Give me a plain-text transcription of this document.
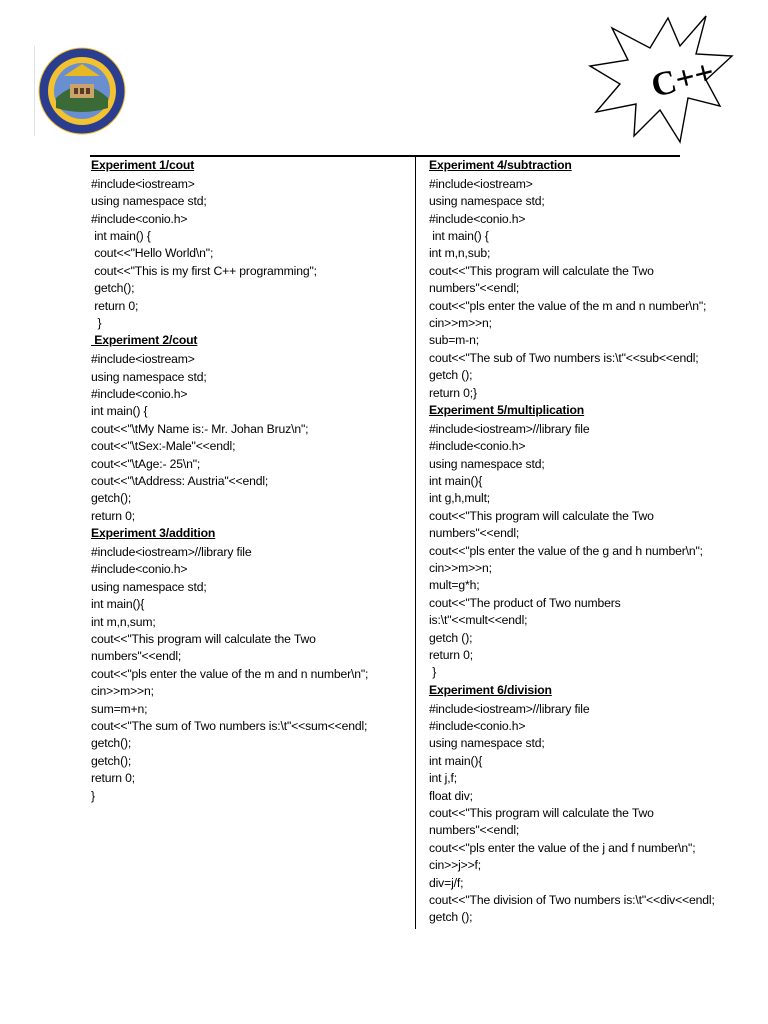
C++
Experiment 1/cout
#include<iostream>
using namespace std;
#include<conio.h>
int main() {
cout<<"Hello World\n";
cout<<"This is my first C++ programming";
getch();
return 0;
}
Experiment 2/cout
#include<iostream>
using namespace std;
#include<conio.h>
int main() {
cout<<"\tMy Name is:- Mr. Johan Bruz\n";
cout<<"\tSex:-Male"<<endl;
cout<<"\tAge:- 25\n";
cout<<"\tAddress: Austria"<<endl;
getch();
return 0;
Experiment 3/addition
#include<iostream>//library file
#include<conio.h>
using namespace std;
int main(){
int m,n,sum;
cout<<"This program will calculate the Two
numbers"<<endl;
cout<<"pls enter the value of the m and n number\n";
cin>>m>>n;
sum=m+n;
cout<<"The sum of Two numbers is:\t"<<sum<<endl;
getch();
getch();
return 0;
}
Experiment 4/subtraction
#include<iostream>
using namespace std;
#include<conio.h>
int main() {
int m,n,sub;
cout<<"This program will calculate the Two
numbers"<<endl;
cout<<"pls enter the value of the m and n number\n";
cin>>m>>n;
sub=m-n;
cout<<"The sub of Two numbers is:\t"<<sub<<endl;
getch ();
return 0;}
Experiment 5/multiplication
#include<iostream>//library file
#include<conio.h>
using namespace std;
int main(){
int g,h,mult;
cout<<"This program will calculate the Two
numbers"<<endl;
cout<<"pls enter the value of the g and h number\n";
cin>>m>>n;
mult=g*h;
cout<<"The product of Two numbers
is:\t"<<mult<<endl;
getch ();
return 0;
}
Experiment 6/division
#include<iostream>//library file
#include<conio.h>
using namespace std;
int main(){
int j,f;
float div;
cout<<"This program will calculate the Two
numbers"<<endl;
cout<<"pls enter the value of the j and f number\n";
cin>>j>>f;
div=j/f;
cout<<"The division of Two numbers is:\t"<<div<<endl;
getch ();
